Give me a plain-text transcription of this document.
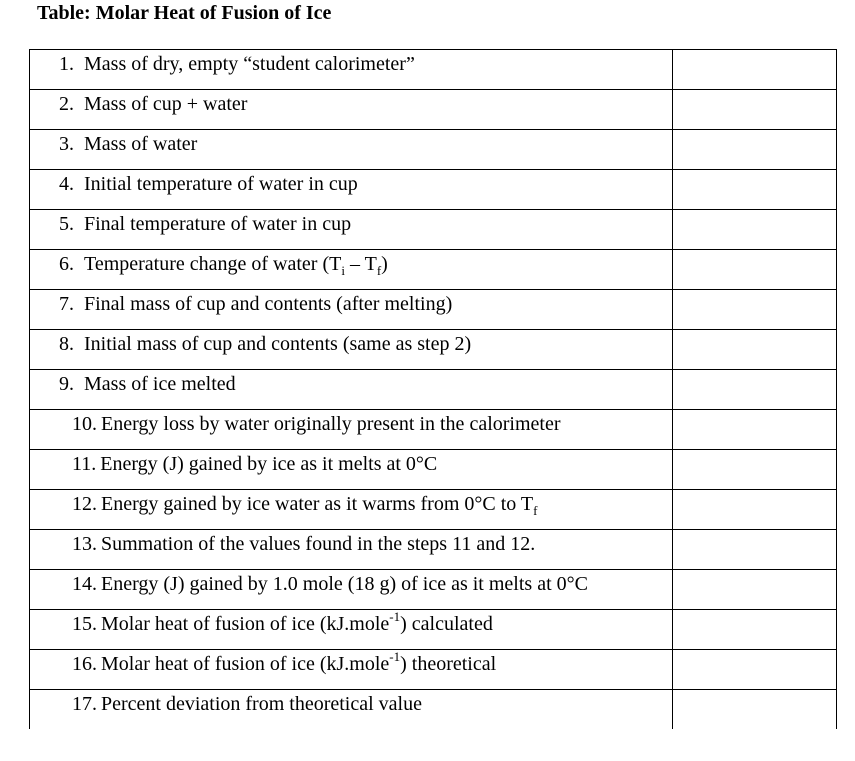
Table: Molar Heat of Fusion of Ice
1. Mass of dry, empty “student calorimeter”	

2. Mass of cup + water	

3. Mass of water	

4. Initial temperature of water in cup	

5. Final temperature of water in cup	

6. Temperature change of water $(T_i - T_f)$	

7. Final mass of cup and contents (after melting)	

8. Initial mass of cup and contents (same as step 2)	

9. Mass of ice melted	

10. Energy loss by water originally present in the calorimeter	

11. Energy (J) gained by ice as it melts at 0°C	

12. Energy gained by ice water as it warms from 0°C to $T_f$

13. Summation of the values found in the steps 11 and 12.	

14. Energy (J) gained by 1.0 mole (18 g) of ice as it melts at 0°C	

15. Molar heat of fusion of ice (kJ.mole$^{-1}$) calculated	

16. Molar heat of fusion of ice (kJ.mole$^{-1}$) theoretical	

17. Percent deviation from theoretical value	
